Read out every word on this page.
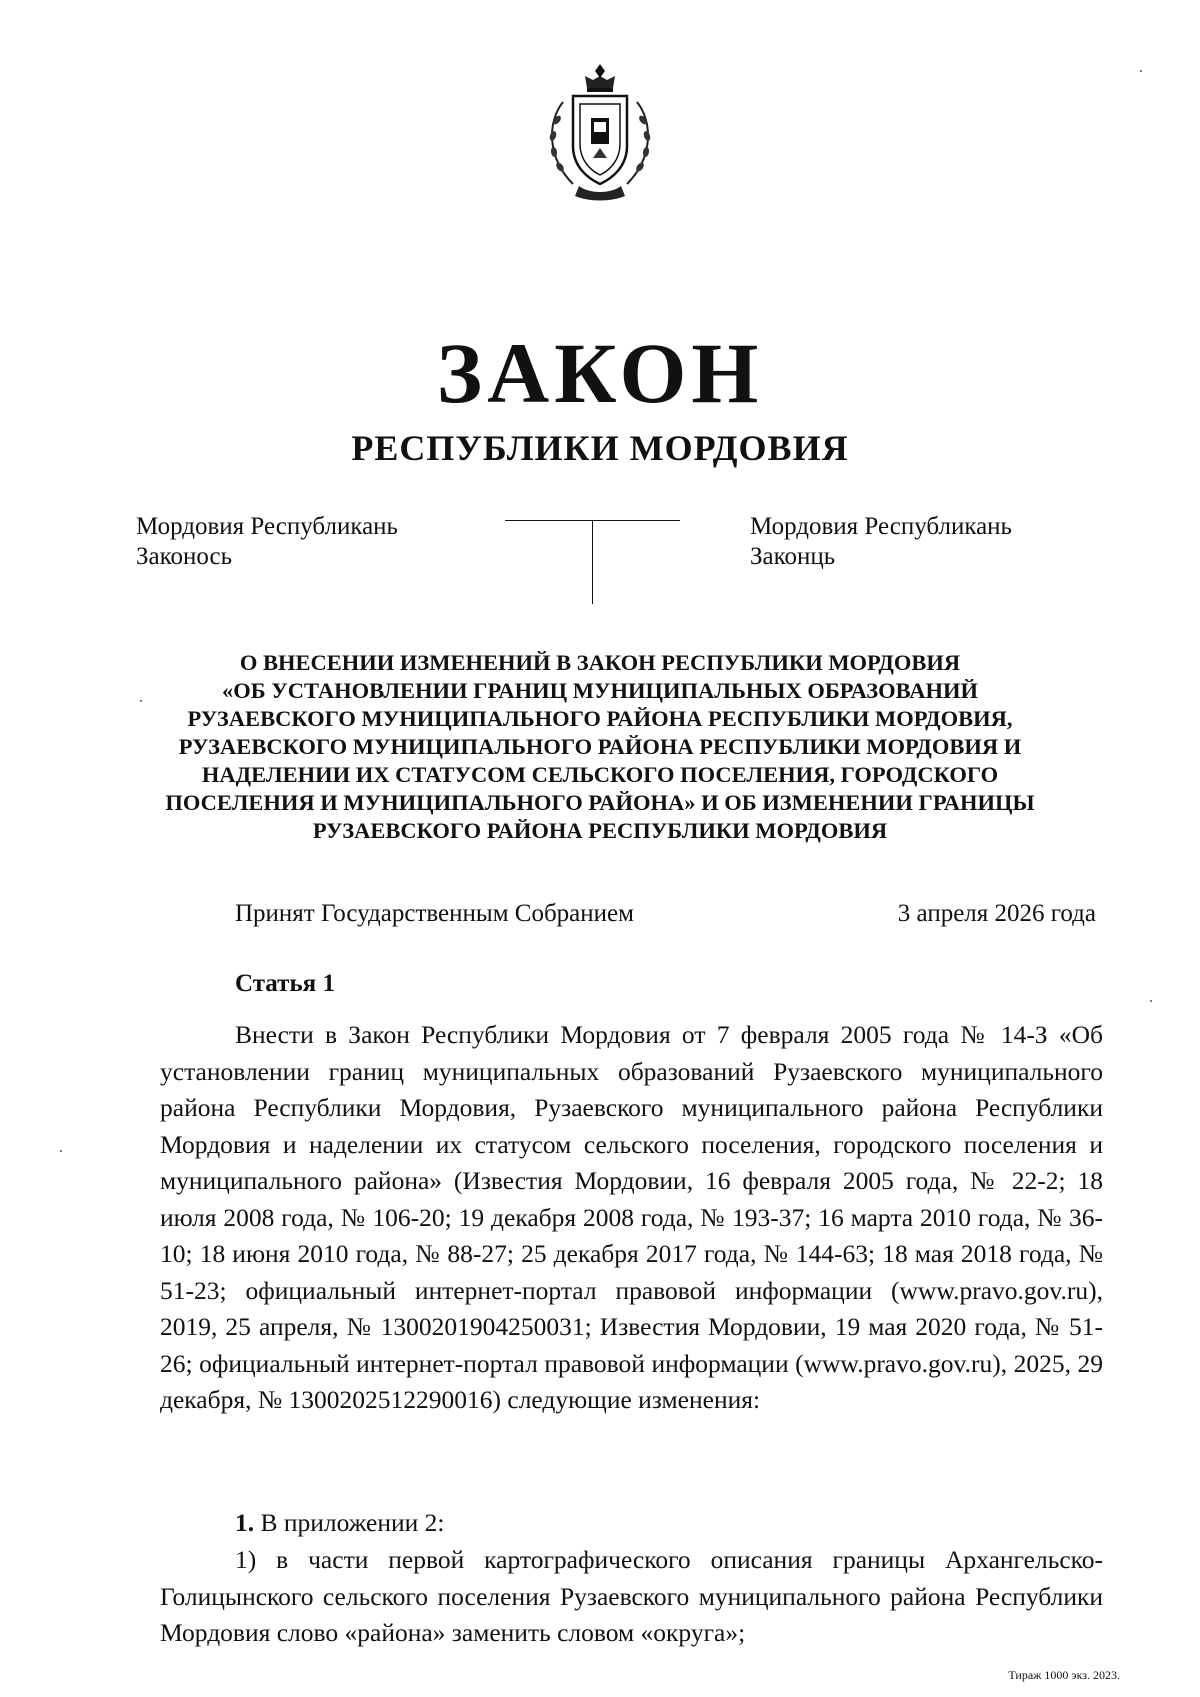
ЗАКОН
РЕСПУБЛИКИ МОРДОВИЯ
Мордовия Республикань
Законось
Мордовия Республикань
Законць
О ВНЕСЕНИИ ИЗМЕНЕНИЙ В ЗАКОН РЕСПУБЛИКИ МОРДОВИЯ
«ОБ УСТАНОВЛЕНИИ ГРАНИЦ МУНИЦИПАЛЬНЫХ ОБРАЗОВАНИЙ
РУЗАЕВСКОГО МУНИЦИПАЛЬНОГО РАЙОНА РЕСПУБЛИКИ МОРДОВИЯ,
РУЗАЕВСКОГО МУНИЦИПАЛЬНОГО РАЙОНА РЕСПУБЛИКИ МОРДОВИЯ И
НАДЕЛЕНИИ ИХ СТАТУСОМ СЕЛЬСКОГО ПОСЕЛЕНИЯ, ГОРОДСКОГО
ПОСЕЛЕНИЯ И МУНИЦИПАЛЬНОГО РАЙОНА» И ОБ ИЗМЕНЕНИИ ГРАНИЦЫ
РУЗАЕВСКОГО РАЙОНА РЕСПУБЛИКИ МОРДОВИЯ
Принят Государственным Собранием	3 апреля 2026 года
Статья 1
Внести в Закон Республики Мордовия от 7 февраля 2005 года № 14-З «Об установлении границ муниципальных образований Рузаевского муниципального района Республики Мордовия, Рузаевского муниципального района Республики Мордовия и наделении их статусом сельского поселения, городского поселения и муниципального района» (Известия Мордовии, 16 февраля 2005 года, № 22-2; 18 июля 2008 года, № 106-20; 19 декабря 2008 года, № 193-37; 16 марта 2010 года, № 36-10; 18 июня 2010 года, № 88-27; 25 декабря 2017 года, № 144-63; 18 мая 2018 года, № 51-23; официальный интернет-портал правовой информации (www.pravo.gov.ru), 2019, 25 апреля, № 1300201904250031; Известия Мордовии, 19 мая 2020 года, № 51-26; официальный интернет-портал правовой информации (www.pravo.gov.ru), 2025, 29 декабря, № 1300202512290016) следующие изменения:
1. В приложении 2:
1) в части первой картографического описания границы Архангельско-Голицынского сельского поселения Рузаевского муниципального района Республики Мордовия слово «района» заменить словом «округа»;
Тираж 1000 экз. 2023.
